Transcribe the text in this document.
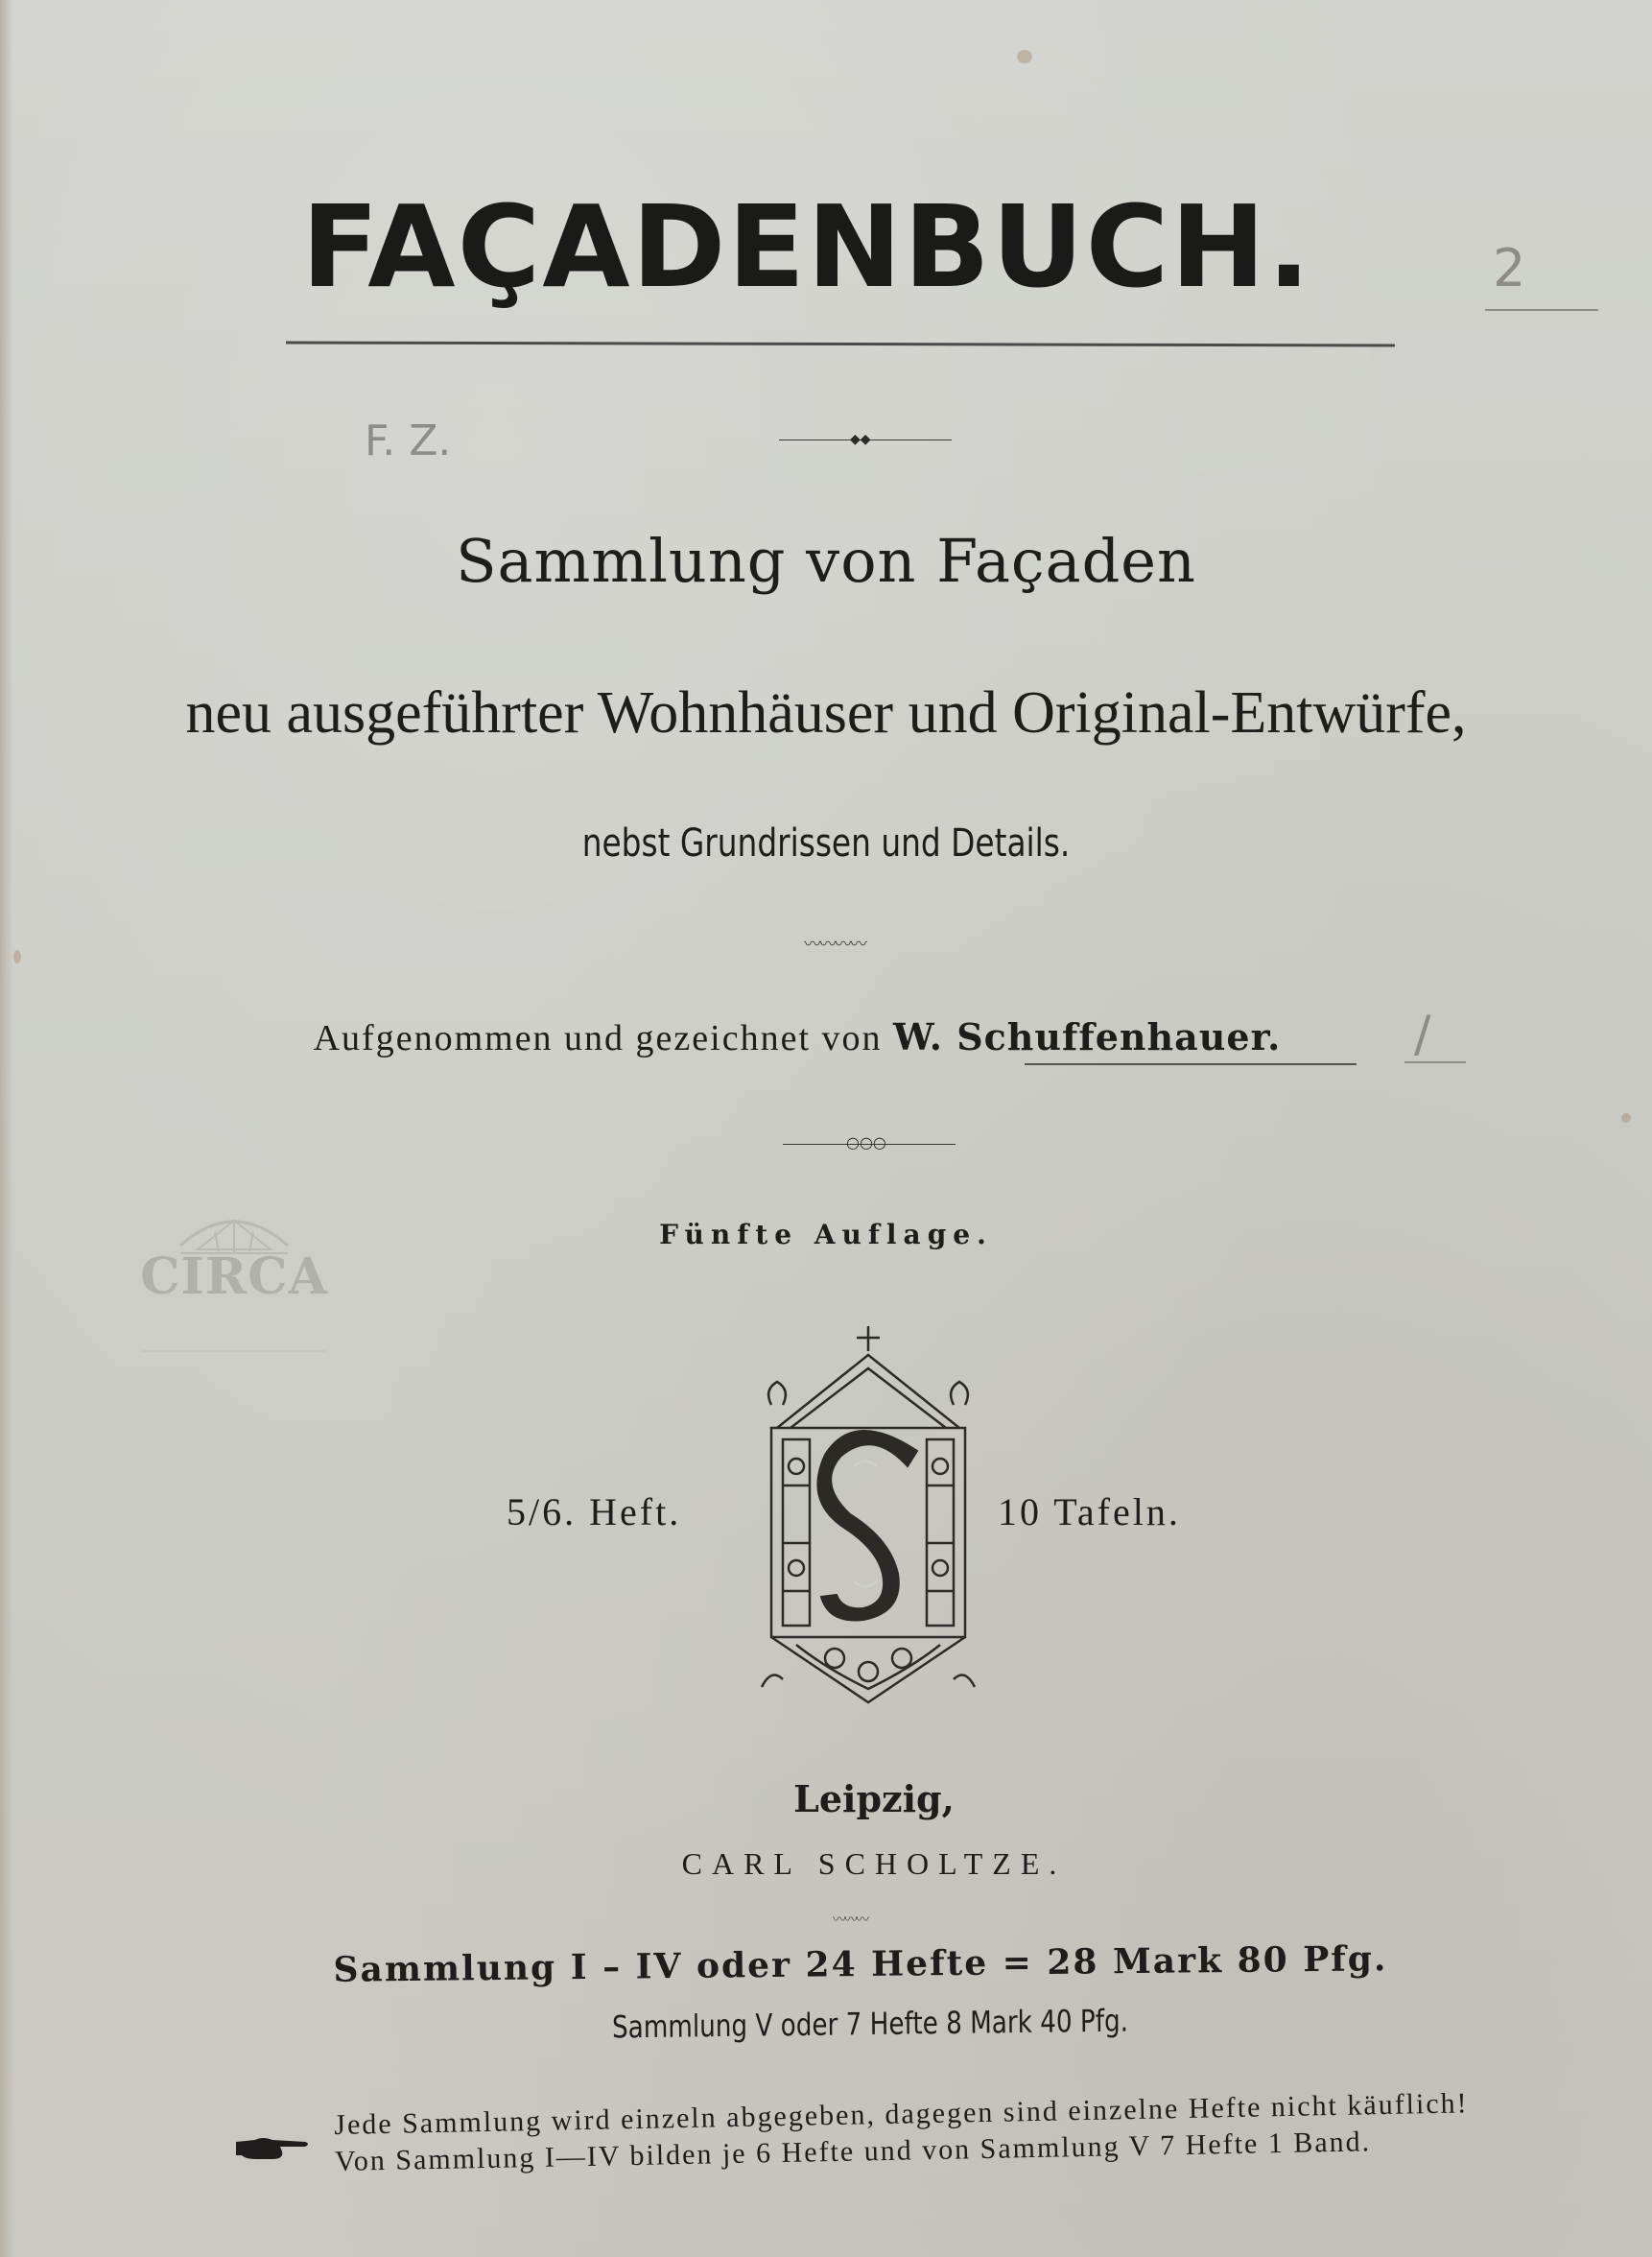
FAÇADENBUCH.	2
F. Z.	◆◆
Sammlung von Façaden
neu ausgeführter Wohnhäuser und Original-Entwürfe,
nebst Grundrissen und Details.
〰〰〰〰
Aufgenommen und gezeichnet von W. Schuffenhauer.	/
○○○
Fünfte Auflage.
CIRCA
5/6. Heft.	10 Tafeln.
Leipzig,
CARL SCHOLTZE.
〰〰〰
Sammlung I – IV oder 24 Hefte = 28 Mark 80 Pfg.
Sammlung V oder 7 Hefte 8 Mark 40 Pfg.
Jede Sammlung wird einzeln abgegeben, dagegen sind einzelne Hefte nicht käuflich!
Von Sammlung I—IV bilden je 6 Hefte und von Sammlung V 7 Hefte 1 Band.
